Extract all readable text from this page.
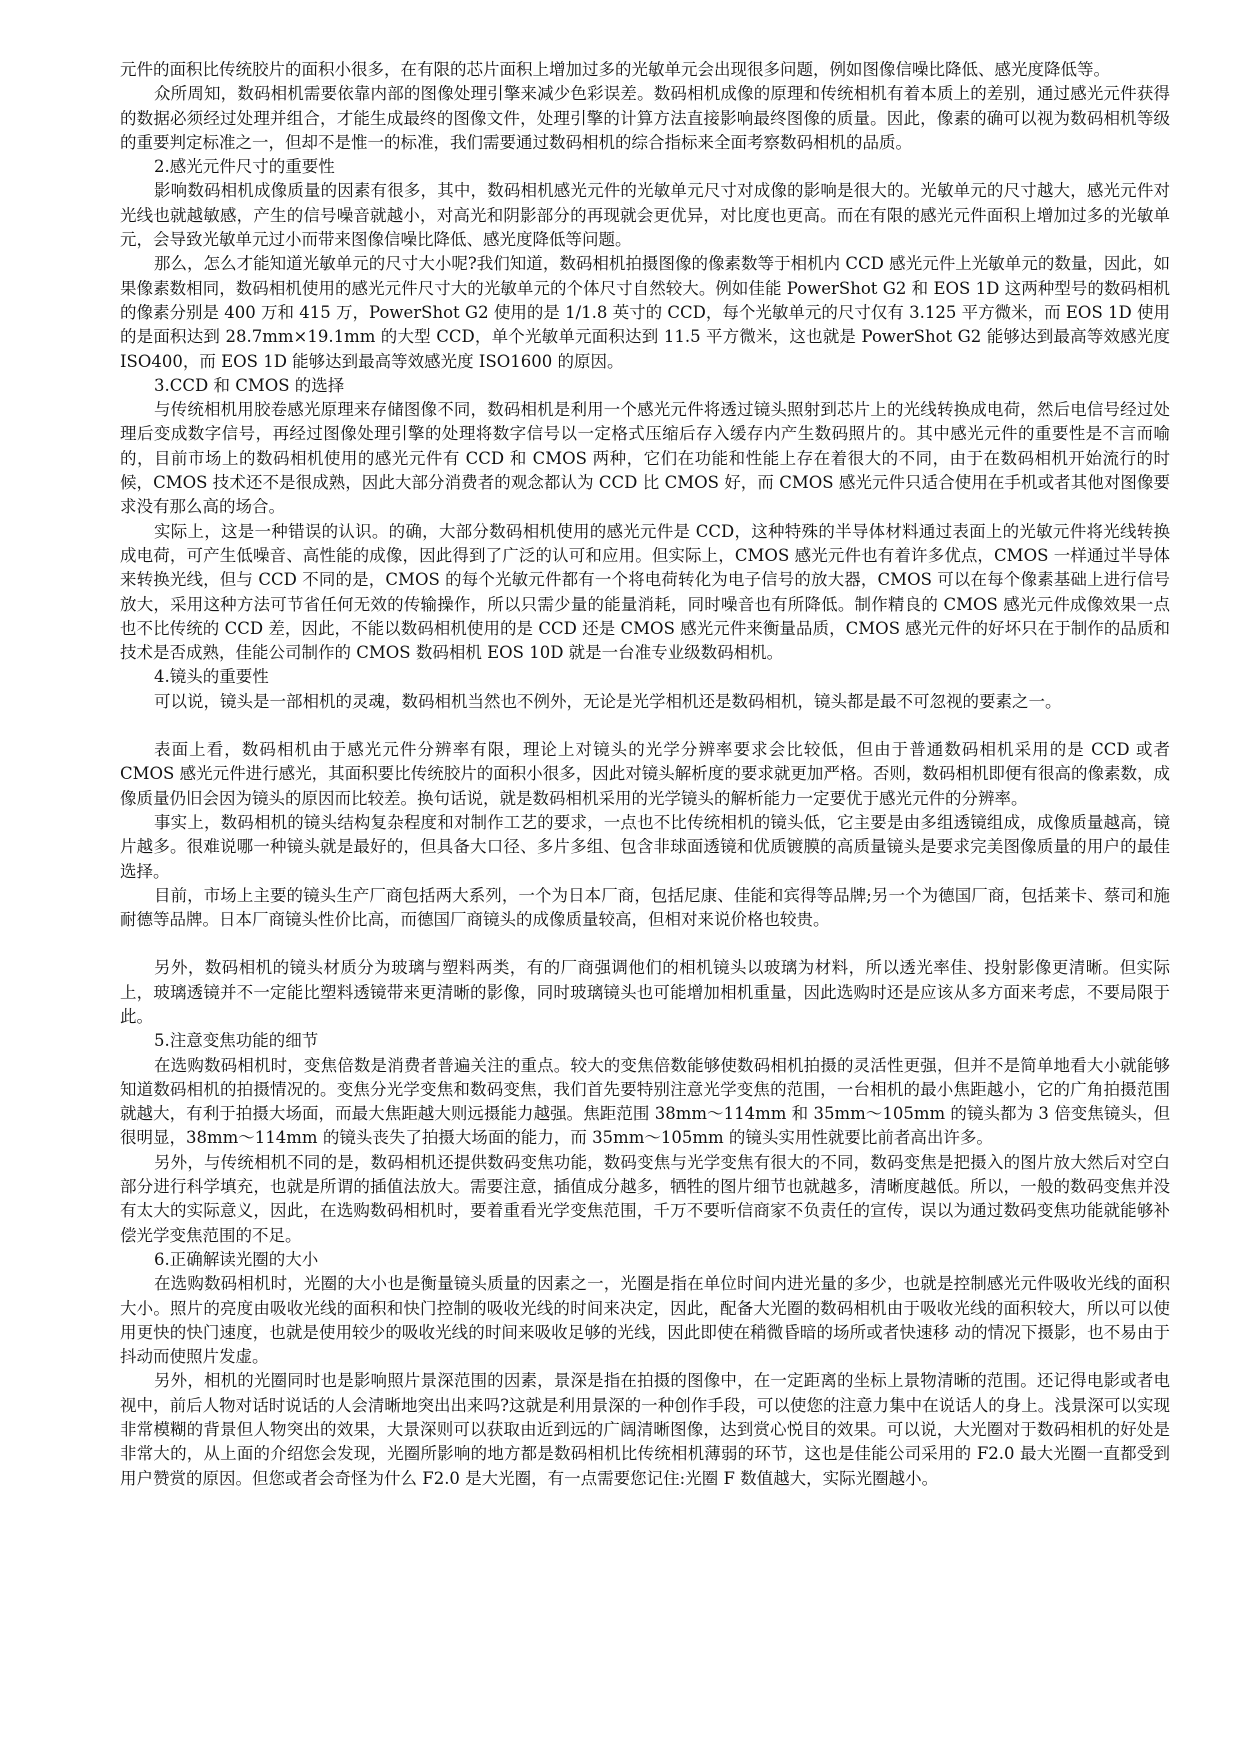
元件的面积比传统胶片的面积小很多，在有限的芯片面积上增加过多的光敏单元会出现很多问题，例如图像信噪比降低、感光度降低等。

众所周知，数码相机需要依靠内部的图像处理引擎来减少色彩误差。数码相机成像的原理和传统相机有着本质上的差别，通过感光元件获得的数据必须经过处理并组合，才能生成最终的图像文件，处理引擎的计算方法直接影响最终图像的质量。因此，像素的确可以视为数码相机等级的重要判定标准之一，但却不是惟一的标准，我们需要通过数码相机的综合指标来全面考察数码相机的品质。

2.感光元件尺寸的重要性

影响数码相机成像质量的因素有很多，其中，数码相机感光元件的光敏单元尺寸对成像的影响是很大的。光敏单元的尺寸越大，感光元件对光线也就越敏感，产生的信号噪音就越小，对高光和阴影部分的再现就会更优异，对比度也更高。而在有限的感光元件面积上增加过多的光敏单元，会导致光敏单元过小而带来图像信噪比降低、感光度降低等问题。

那么，怎么才能知道光敏单元的尺寸大小呢?我们知道，数码相机拍摄图像的像素数等于相机内 CCD 感光元件上光敏单元的数量，因此，如果像素数相同，数码相机使用的感光元件尺寸大的光敏单元的个体尺寸自然较大。例如佳能 PowerShot G2 和 EOS 1D 这两种型号的数码相机的像素分别是 400 万和 415 万，PowerShot G2 使用的是 1/1.8 英寸的 CCD，每个光敏单元的尺寸仅有 3.125 平方微米，而 EOS 1D 使用的是面积达到 28.7mm×19.1mm 的大型 CCD，单个光敏单元面积达到 11.5 平方微米，这也就是 PowerShot G2 能够达到最高等效感光度 ISO400，而 EOS 1D 能够达到最高等效感光度 ISO1600 的原因。

3.CCD 和 CMOS 的选择

与传统相机用胶卷感光原理来存储图像不同，数码相机是利用一个感光元件将透过镜头照射到芯片上的光线转换成电荷，然后电信号经过处理后变成数字信号，再经过图像处理引擎的处理将数字信号以一定格式压缩后存入缓存内产生数码照片的。其中感光元件的重要性是不言而喻的，目前市场上的数码相机使用的感光元件有 CCD 和 CMOS 两种，它们在功能和性能上存在着很大的不同，由于在数码相机开始流行的时候，CMOS 技术还不是很成熟，因此大部分消费者的观念都认为 CCD 比 CMOS 好，而 CMOS 感光元件只适合使用在手机或者其他对图像要求没有那么高的场合。

实际上，这是一种错误的认识。的确，大部分数码相机使用的感光元件是 CCD，这种特殊的半导体材料通过表面上的光敏元件将光线转换成电荷，可产生低噪音、高性能的成像，因此得到了广泛的认可和应用。但实际上，CMOS 感光元件也有着许多优点，CMOS 一样通过半导体来转换光线，但与 CCD 不同的是，CMOS 的每个光敏元件都有一个将电荷转化为电子信号的放大器，CMOS 可以在每个像素基础上进行信号放大，采用这种方法可节省任何无效的传输操作，所以只需少量的能量消耗，同时噪音也有所降低。制作精良的 CMOS 感光元件成像效果一点也不比传统的 CCD 差，因此，不能以数码相机使用的是 CCD 还是 CMOS 感光元件来衡量品质，CMOS 感光元件的好坏只在于制作的品质和技术是否成熟，佳能公司制作的 CMOS 数码相机 EOS 10D 就是一台准专业级数码相机。

4.镜头的重要性

可以说，镜头是一部相机的灵魂，数码相机当然也不例外，无论是光学相机还是数码相机，镜头都是最不可忽视的要素之一。

表面上看，数码相机由于感光元件分辨率有限，理论上对镜头的光学分辨率要求会比较低，但由于普通数码相机采用的是 CCD 或者 CMOS 感光元件进行感光，其面积要比传统胶片的面积小很多，因此对镜头解析度的要求就更加严格。否则，数码相机即便有很高的像素数，成像质量仍旧会因为镜头的原因而比较差。换句话说，就是数码相机采用的光学镜头的解析能力一定要优于感光元件的分辨率。

事实上，数码相机的镜头结构复杂程度和对制作工艺的要求，一点也不比传统相机的镜头低，它主要是由多组透镜组成，成像质量越高，镜片越多。很难说哪一种镜头就是最好的，但具备大口径、多片多组、包含非球面透镜和优质镀膜的高质量镜头是要求完美图像质量的用户的最佳选择。

目前，市场上主要的镜头生产厂商包括两大系列，一个为日本厂商，包括尼康、佳能和宾得等品牌;另一个为德国厂商，包括莱卡、蔡司和施耐德等品牌。日本厂商镜头性价比高，而德国厂商镜头的成像质量较高，但相对来说价格也较贵。

另外，数码相机的镜头材质分为玻璃与塑料两类，有的厂商强调他们的相机镜头以玻璃为材料，所以透光率佳、投射影像更清晰。但实际上，玻璃透镜并不一定能比塑料透镜带来更清晰的影像，同时玻璃镜头也可能增加相机重量，因此选购时还是应该从多方面来考虑，不要局限于此。

5.注意变焦功能的细节

在选购数码相机时，变焦倍数是消费者普遍关注的重点。较大的变焦倍数能够使数码相机拍摄的灵活性更强，但并不是简单地看大小就能够知道数码相机的拍摄情况的。变焦分光学变焦和数码变焦，我们首先要特别注意光学变焦的范围，一台相机的最小焦距越小，它的广角拍摄范围就越大，有利于拍摄大场面，而最大焦距越大则远摄能力越强。焦距范围 38mm～114mm 和 35mm～105mm 的镜头都为 3 倍变焦镜头，但很明显，38mm～114mm 的镜头丧失了拍摄大场面的能力，而 35mm～105mm 的镜头实用性就要比前者高出许多。

另外，与传统相机不同的是，数码相机还提供数码变焦功能，数码变焦与光学变焦有很大的不同，数码变焦是把摄入的图片放大然后对空白部分进行科学填充，也就是所谓的插值法放大。需要注意，插值成分越多，牺牲的图片细节也就越多，清晰度越低。所以，一般的数码变焦并没有太大的实际意义，因此，在选购数码相机时，要着重看光学变焦范围，千万不要听信商家不负责任的宣传，误以为通过数码变焦功能就能够补偿光学变焦范围的不足。

6.正确解读光圈的大小

在选购数码相机时，光圈的大小也是衡量镜头质量的因素之一，光圈是指在单位时间内进光量的多少，也就是控制感光元件吸收光线的面积大小。照片的亮度由吸收光线的面积和快门控制的吸收光线的时间来决定，因此，配备大光圈的数码相机由于吸收光线的面积较大，所以可以使用更快的快门速度，也就是使用较少的吸收光线的时间来吸收足够的光线，因此即使在稍微昏暗的场所或者快速移 动的情况下摄影，也不易由于抖动而使照片发虚。

另外，相机的光圈同时也是影响照片景深范围的因素，景深是指在拍摄的图像中，在一定距离的坐标上景物清晰的范围。还记得电影或者电视中，前后人物对话时说话的人会清晰地突出出来吗?这就是利用景深的一种创作手段，可以使您的注意力集中在说话人的身上。浅景深可以实现非常模糊的背景但人物突出的效果，大景深则可以获取由近到远的广阔清晰图像，达到赏心悦目的效果。可以说，大光圈对于数码相机的好处是非常大的，从上面的介绍您会发现，光圈所影响的地方都是数码相机比传统相机薄弱的环节，这也是佳能公司采用的 F2.0 最大光圈一直都受到用户赞赏的原因。但您或者会奇怪为什么 F2.0 是大光圈，有一点需要您记住:光圈 F 数值越大，实际光圈越小。
